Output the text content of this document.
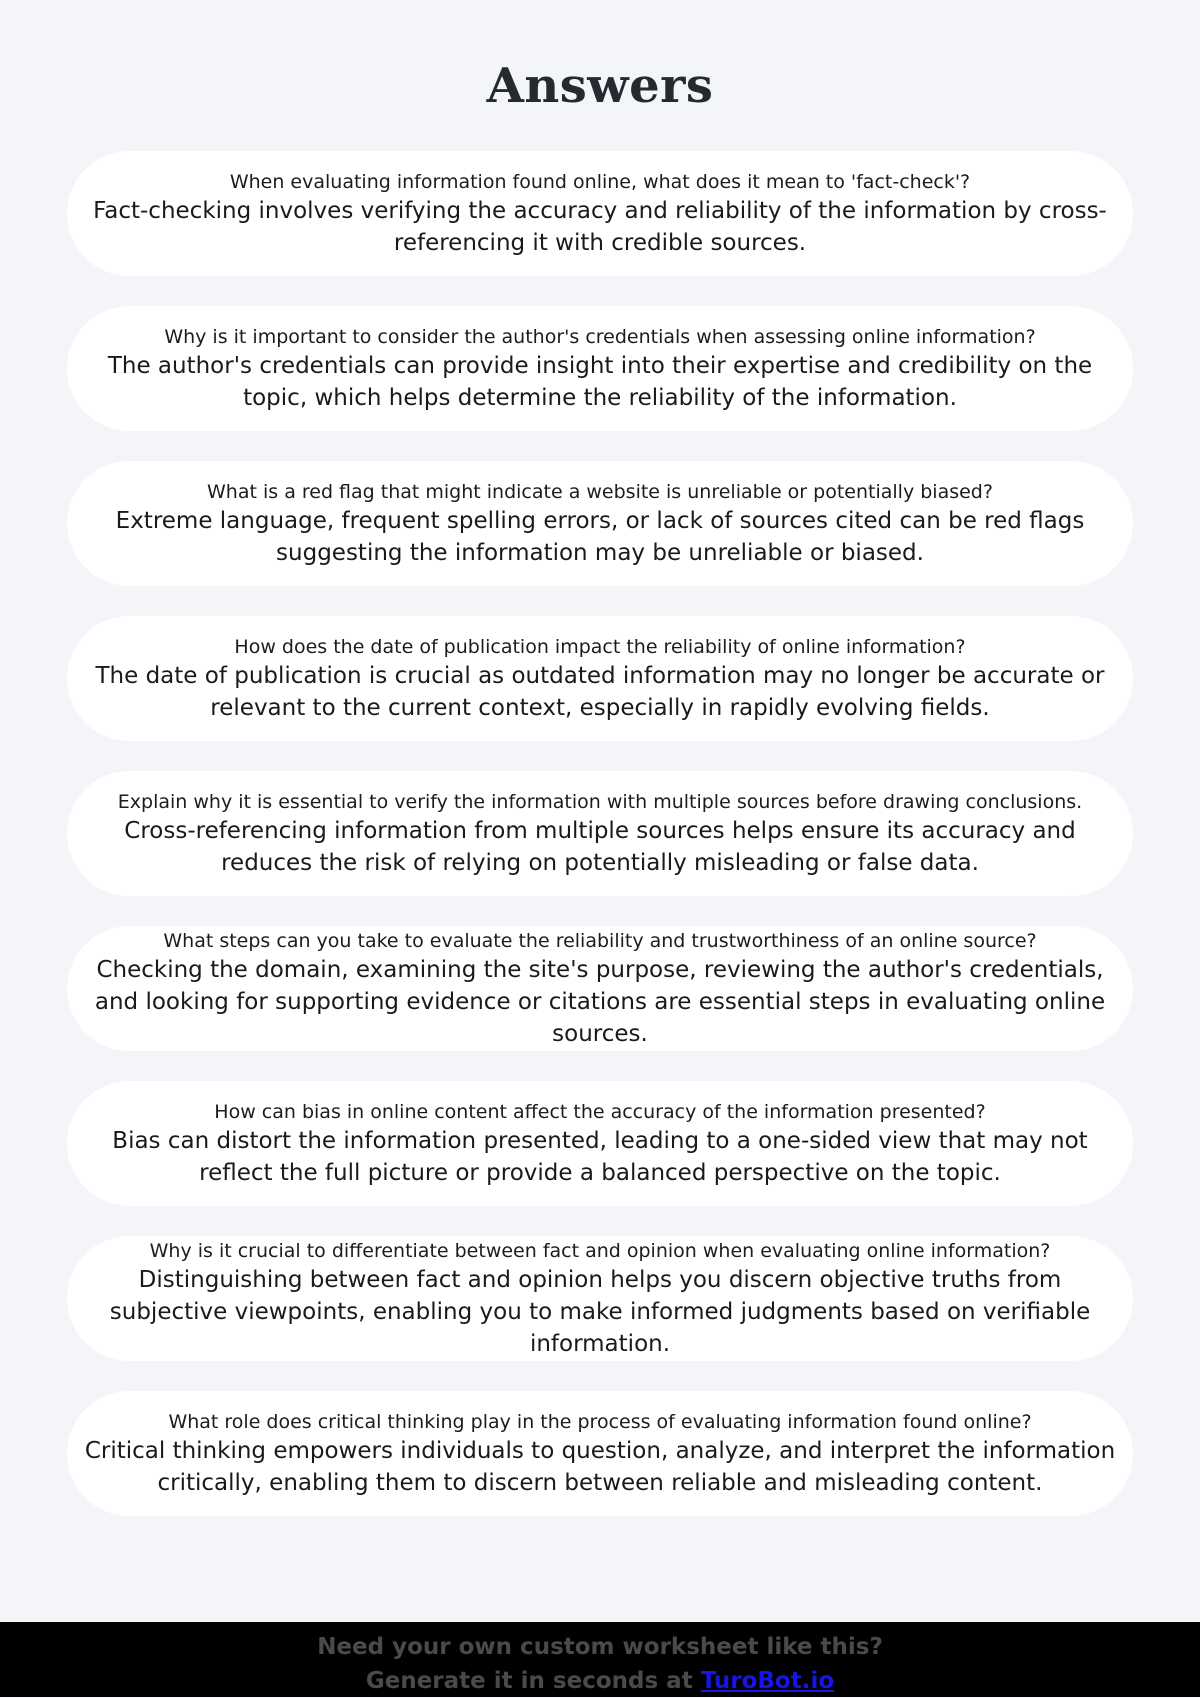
Answers
When evaluating information found online, what does it mean to 'fact-check'?
Fact-checking involves verifying the accuracy and reliability of the information by cross-referencing it with credible sources.
Why is it important to consider the author's credentials when assessing online information?
The author's credentials can provide insight into their expertise and credibility on the topic, which helps determine the reliability of the information.
What is a red flag that might indicate a website is unreliable or potentially biased?
Extreme language, frequent spelling errors, or lack of sources cited can be red flags suggesting the information may be unreliable or biased.
How does the date of publication impact the reliability of online information?
The date of publication is crucial as outdated information may no longer be accurate or relevant to the current context, especially in rapidly evolving fields.
Explain why it is essential to verify the information with multiple sources before drawing conclusions.
Cross-referencing information from multiple sources helps ensure its accuracy and reduces the risk of relying on potentially misleading or false data.
What steps can you take to evaluate the reliability and trustworthiness of an online source?
Checking the domain, examining the site's purpose, reviewing the author's credentials, and looking for supporting evidence or citations are essential steps in evaluating online sources.
How can bias in online content affect the accuracy of the information presented?
Bias can distort the information presented, leading to a one-sided view that may not reflect the full picture or provide a balanced perspective on the topic.
Why is it crucial to differentiate between fact and opinion when evaluating online information?
Distinguishing between fact and opinion helps you discern objective truths from subjective viewpoints, enabling you to make informed judgments based on verifiable information.
What role does critical thinking play in the process of evaluating information found online?
Critical thinking empowers individuals to question, analyze, and interpret the information critically, enabling them to discern between reliable and misleading content.
Need your own custom worksheet like this?
Generate it in seconds at TuroBot.io
